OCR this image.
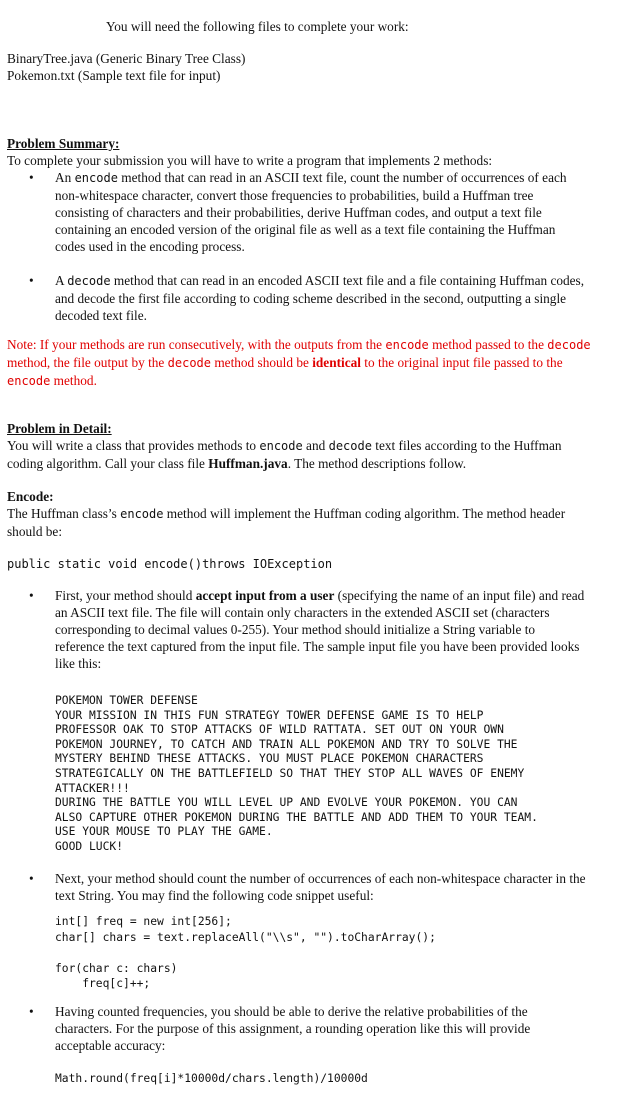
You will need the following files to complete your work:

BinaryTree.java (Generic Binary Tree Class)

Pokemon.txt (Sample text file for input)

Problem Summary:

To complete your submission you will have to write a program that implements 2 methods:

• An encode method that can read in an ASCII text file, count the number of occurrences of each non-whitespace character, convert those frequencies to probabilities, build a Huffman tree consisting of characters and their probabilities, derive Huffman codes, and output a text file containing an encoded version of the original file as well as a text file containing the Huffman codes used in the encoding process.
• A decode method that can read in an encoded ASCII text file and a file containing Huffman codes, and decode the first file according to coding scheme described in the second, outputting a single decoded text file.

Note: If your methods are run consecutively, with the outputs from the encode method passed to the decode method, the file output by the decode method should be identical to the original input file passed to the encode method.

Problem in Detail:

You will write a class that provides methods to encode and decode text files according to the Huffman coding algorithm. Call your class file Huffman.java. The method descriptions follow.

Encode:

The Huffman class’s encode method will implement the Huffman coding algorithm. The method header should be:

public static void encode()throws IOException

• First, your method should accept input from a user (specifying the name of an input file) and read an ASCII text file. The file will contain only characters in the extended ASCII set (characters corresponding to decimal values 0-255). Your method should initialize a String variable to reference the text captured from the input file. The sample input file you have been provided looks like this:
POKEMON TOWER DEFENSE
YOUR MISSION IN THIS FUN STRATEGY TOWER DEFENSE GAME IS TO HELP
PROFESSOR OAK TO STOP ATTACKS OF WILD RATTATA. SET OUT ON YOUR OWN
POKEMON JOURNEY, TO CATCH AND TRAIN ALL POKEMON AND TRY TO SOLVE THE
MYSTERY BEHIND THESE ATTACKS. YOU MUST PLACE POKEMON CHARACTERS
STRATEGICALLY ON THE BATTLEFIELD SO THAT THEY STOP ALL WAVES OF ENEMY
ATTACKER!!!
DURING THE BATTLE YOU WILL LEVEL UP AND EVOLVE YOUR POKEMON. YOU CAN
ALSO CAPTURE OTHER POKEMON DURING THE BATTLE AND ADD THEM TO YOUR TEAM.
USE YOUR MOUSE TO PLAY THE GAME.
GOOD LUCK!
• Next, your method should count the number of occurrences of each non-whitespace character in the text String. You may find the following code snippet useful:
int[] freq = new int[256];
char[] chars = text.replaceAll("\\s", "").toCharArray();
for(char c: chars)
freq[c]++;
• Having counted frequencies, you should be able to derive the relative probabilities of the characters. For the purpose of this assignment, a rounding operation like this will provide acceptable accuracy:

Math.round(freq[i]*10000d/chars.length)/10000d
